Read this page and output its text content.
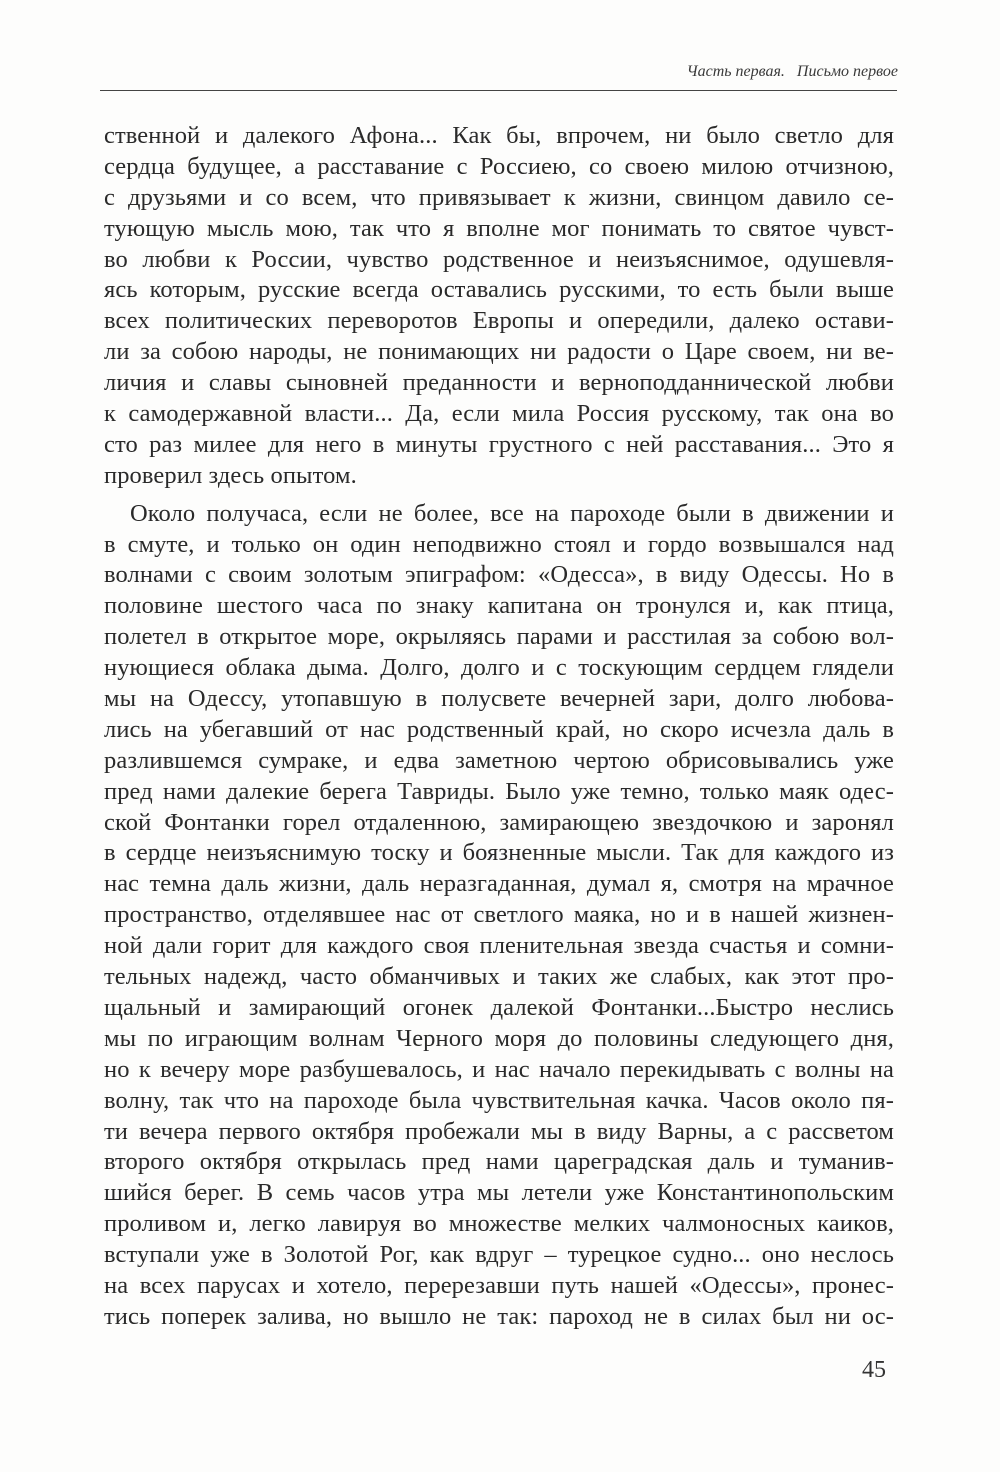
Часть первая. Письмо первое
ственной и далекого Афона... Как бы, впрочем, ни было светло для
сердца будущее, а расставание с Россиею, со своею милою отчизною,
с друзьями и со всем, что привязывает к жизни, свинцом давило се-
тующую мысль мою, так что я вполне мог понимать то святое чувст-
во любви к России, чувство родственное и неизъяснимое, одушевля-
ясь которым, русские всегда оставались русскими, то есть были выше
всех политических переворотов Европы и опередили, далеко остави-
ли за собою народы, не понимающих ни радости о Царе своем, ни ве-
личия и славы сыновней преданности и верноподданнической любви
к самодержавной власти... Да, если мила Россия русскому, так она во
сто раз милее для него в минуты грустного с ней расставания... Это я
проверил здесь опытом.
Около получаса, если не более, все на пароходе были в движении и
в смуте, и только он один неподвижно стоял и гордо возвышался над
волнами с своим золотым эпиграфом: «Одесса», в виду Одессы. Но в
половине шестого часа по знаку капитана он тронулся и, как птица,
полетел в открытое море, окрыляясь парами и расстилая за собою вол-
нующиеся облака дыма. Долго, долго и с тоскующим сердцем глядели
мы на Одессу, утопавшую в полусвете вечерней зари, долго любова-
лись на убегавший от нас родственный край, но скоро исчезла даль в
разлившемся сумраке, и едва заметною чертою обрисовывались уже
пред нами далекие берега Тавриды. Было уже темно, только маяк одес-
ской Фонтанки горел отдаленною, замирающею звездочкою и заронял
в сердце неизъяснимую тоску и боязненные мысли. Так для каждого из
нас темна даль жизни, даль неразгаданная, думал я, смотря на мрачное
пространство, отделявшее нас от светлого маяка, но и в нашей жизнен-
ной дали горит для каждого своя пленительная звезда счастья и сомни-
тельных надежд, часто обманчивых и таких же слабых, как этот про-
щальный и замирающий огонек далекой Фонтанки...Быстро неслись
мы по играющим волнам Черного моря до половины следующего дня,
но к вечеру море разбушевалось, и нас начало перекидывать с волны на
волну, так что на пароходе была чувствительная качка. Часов около пя-
ти вечера первого октября пробежали мы в виду Варны, а с рассветом
второго октября открылась пред нами цареградская даль и туманив-
шийся берег. В семь часов утра мы летели уже Константинопольским
проливом и, легко лавируя во множестве мелких чалмоносных каиков,
вступали уже в Золотой Рог, как вдруг – турецкое судно... оно неслось
на всех парусах и хотело, перерезавши путь нашей «Одессы», пронес-
тись поперек залива, но вышло не так: пароход не в силах был ни ос-
45
